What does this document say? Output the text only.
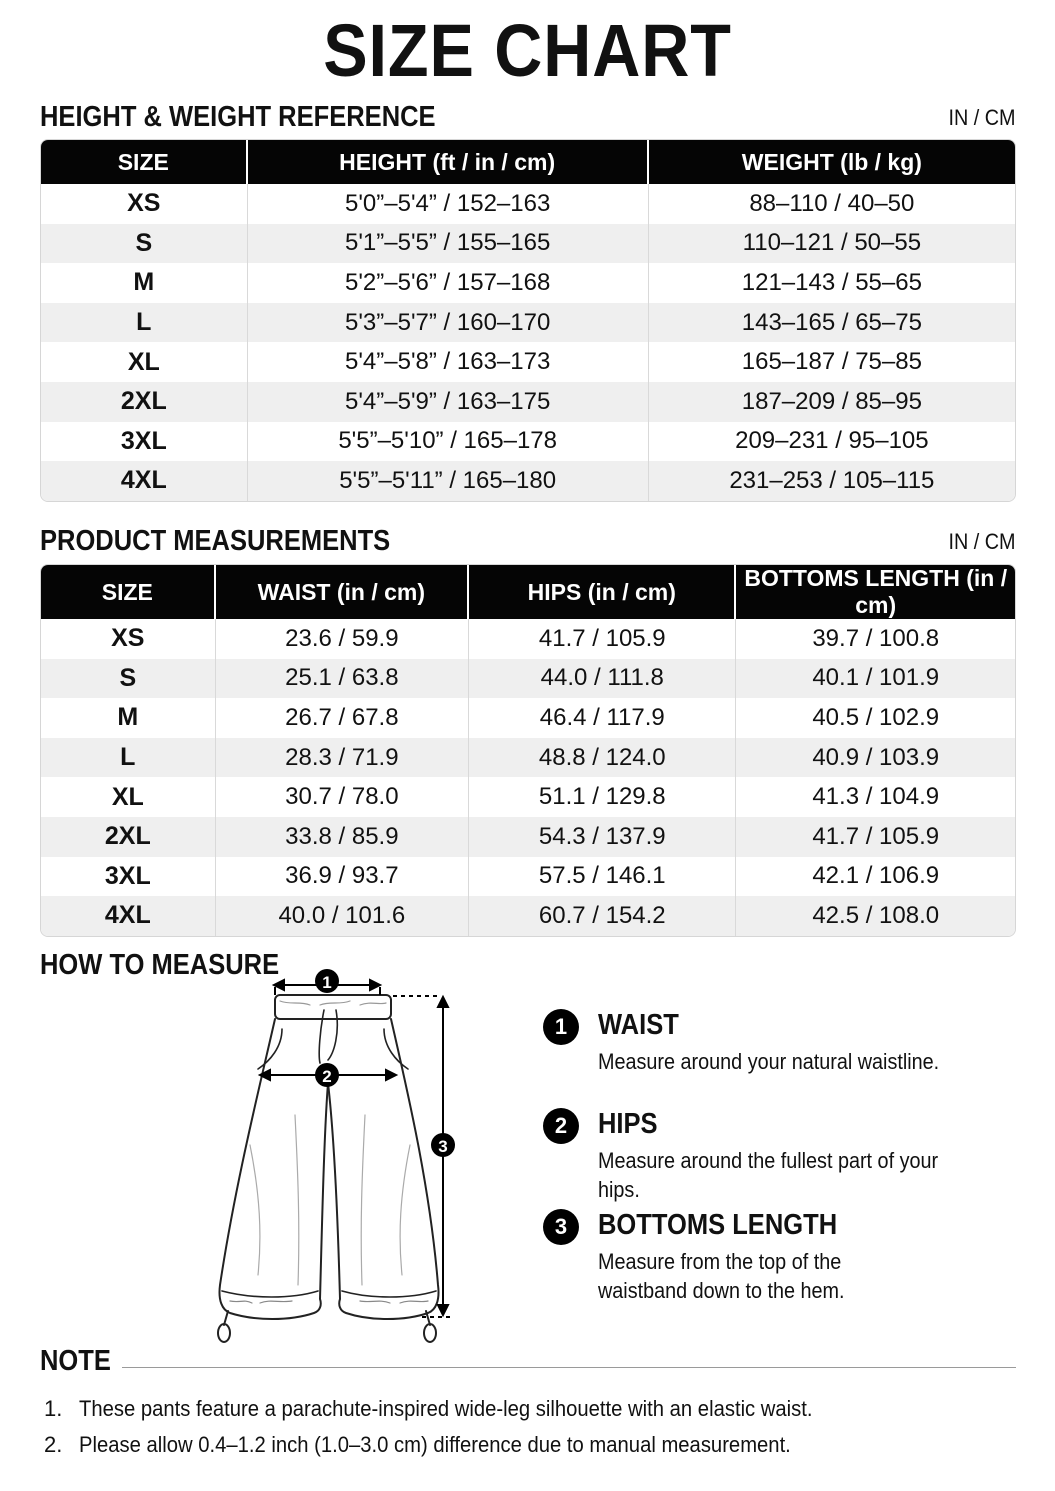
SIZE CHART
HEIGHT & WEIGHT REFERENCE	IN / CM
SIZE	HEIGHT (ft / in / cm)	WEIGHT (lb / kg)
XS	5'0”–5'4” / 152–163	88–110 / 40–50
S	5'1”–5'5” / 155–165	110–121 / 50–55
M	5'2”–5'6” / 157–168	121–143 / 55–65
L	5'3”–5'7” / 160–170	143–165 / 65–75
XL	5'4”–5'8” / 163–173	165–187 / 75–85
2XL	5'4”–5'9” / 163–175	187–209 / 85–95
3XL	5'5”–5'10” / 165–178	209–231 / 95–105
4XL	5'5”–5'11” / 165–180	231–253 / 105–115
PRODUCT MEASUREMENTS	IN / CM
SIZE	WAIST (in / cm)	HIPS (in / cm)	BOTTOMS LENGTH (in / cm)
XS	23.6 / 59.9	41.7 / 105.9	39.7 / 100.8
S	25.1 / 63.8	44.0 / 111.8	40.1 / 101.9
M	26.7 / 67.8	46.4 / 117.9	40.5 / 102.9
L	28.3 / 71.9	48.8 / 124.0	40.9 / 103.9
XL	30.7 / 78.0	51.1 / 129.8	41.3 / 104.9
2XL	33.8 / 85.9	54.3 / 137.9	41.7 / 105.9
3XL	36.9 / 93.7	57.5 / 146.1	42.1 / 106.9
4XL	40.0 / 101.6	60.7 / 154.2	42.5 / 108.0
HOW TO MEASURE
1
2
3
1	WAIST
Measure around your natural waistline.
2	HIPS
Measure around the fullest part of your hips.
3	BOTTOMS LENGTH
Measure from the top of the waistband down to the hem.
NOTE
1. These pants feature a parachute-inspired wide-leg silhouette with an elastic waist.
2. Please allow 0.4–1.2 inch (1.0–3.0 cm) difference due to manual measurement.
